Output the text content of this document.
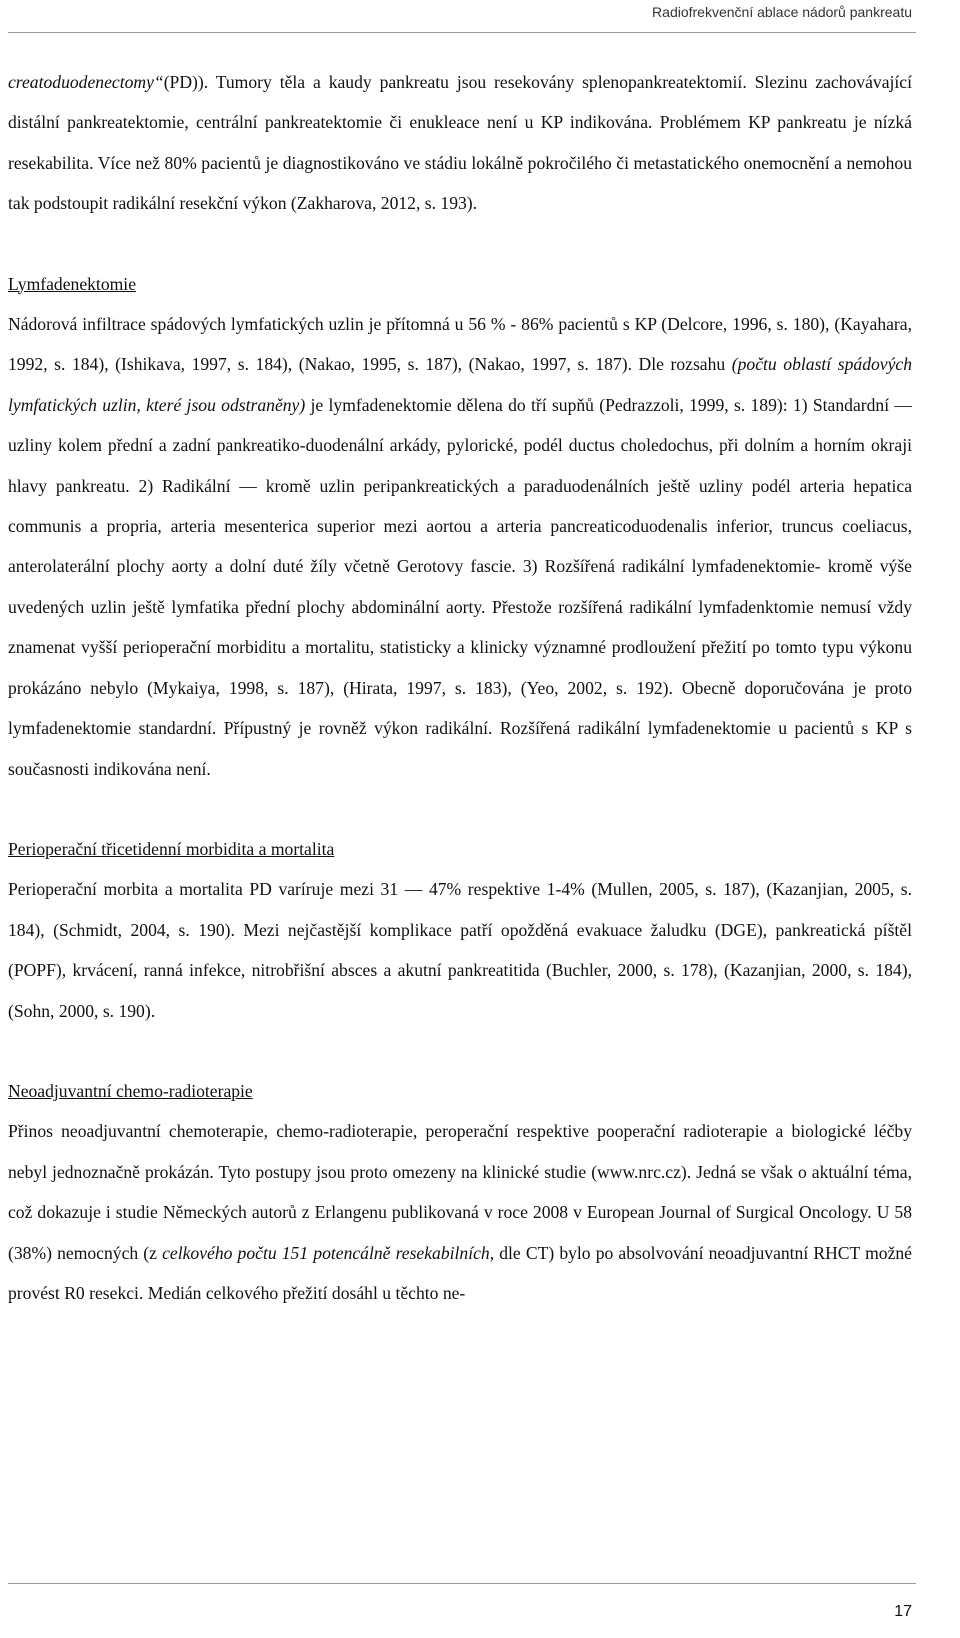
Radiofrekvenční ablace nádorů pankreatu

creatoduodenectomy“(PD)). Tumory těla a kaudy pankreatu jsou resekovány splenopankreatektomií. Slezinu zachovávající distální pankreatektomie, centrální pankreatektomie či enukleace není u KP indikována. Problémem KP pankreatu je nízká resekabilita. Více než 80% pacientů je diagnostikováno ve stádiu lokálně pokročilého či metastatického onemocnění a nemohou tak podstoupit radikální resekční výkon (Zakharova, 2012, s. 193).

Lymfadenektomie

Nádorová infiltrace spádových lymfatických uzlin je přítomná u 56 % - 86% pacientů s KP (Delcore, 1996, s. 180), (Kayahara, 1992, s. 184), (Ishikava, 1997, s. 184), (Nakao, 1995, s. 187), (Nakao, 1997, s. 187). Dle rozsahu (počtu oblastí spádových lymfatických uzlin, které jsou odstraněny) je lymfadenektomie dělena do tří supňů (Pedrazzoli, 1999, s. 189): 1) Standardní — uzliny kolem přední a zadní pankreatiko-duodenální arkády, pylorické, podél ductus choledochus, při dolním a horním okraji hlavy pankreatu. 2) Radikální — kromě uzlin peripankreatických a paraduodenálních ještě uzliny podél arteria hepatica communis a propria, arteria mesenterica superior mezi aortou a arteria pancreaticoduodenalis inferior, truncus coeliacus, anterolaterální plochy aorty a dolní duté žíly včetně Gerotovy fascie. 3) Rozšířená radikální lymfadenektomie- kromě výše uvedených uzlin ještě lymfatika přední plochy abdominální aorty. Přestože rozšířená radikální lymfadenktomie nemusí vždy znamenat vyšší perioperační morbiditu a mortalitu, statisticky a klinicky významné prodloužení přežití po tomto typu výkonu prokázáno nebylo (Mykaiya, 1998, s. 187), (Hirata, 1997, s. 183), (Yeo, 2002, s. 192). Obecně doporučována je proto lymfadenektomie standardní. Přípustný je rovněž výkon radikální. Rozšířená radikální lymfadenektomie u pacientů s KP s současnosti indikována není.

Perioperační třicetidenní morbidita a mortalita

Perioperační morbita a mortalita PD varíruje mezi 31 — 47% respektive 1-4% (Mullen, 2005, s. 187), (Kazanjian, 2005, s. 184), (Schmidt, 2004, s. 190). Mezi nejčastější komplikace patří opožděná evakuace žaludku (DGE), pankreatická píštěl (POPF), krvácení, ranná infekce, nitrobřišní absces a akutní pankreatitida (Buchler, 2000, s. 178), (Kazanjian, 2000, s. 184), (Sohn, 2000, s. 190).

Neoadjuvantní chemo-radioterapie

Přinos neoadjuvantní chemoterapie, chemo-radioterapie, peroperační respektive pooperační radioterapie a biologické léčby nebyl jednoznačně prokázán. Tyto postupy jsou proto omezeny na klinické studie (www.nrc.cz). Jedná se však o aktuální téma, což dokazuje i studie Německých autorů z Erlangenu publikovaná v roce 2008 v European Journal of Surgical Oncology. U 58 (38%) nemocných (z celkového počtu 151 potencálně resekabilních, dle CT) bylo po absolvování neoadjuvantní RHCT možné provést R0 resekci. Medián celkového přežití dosáhl u těchto ne-

17
